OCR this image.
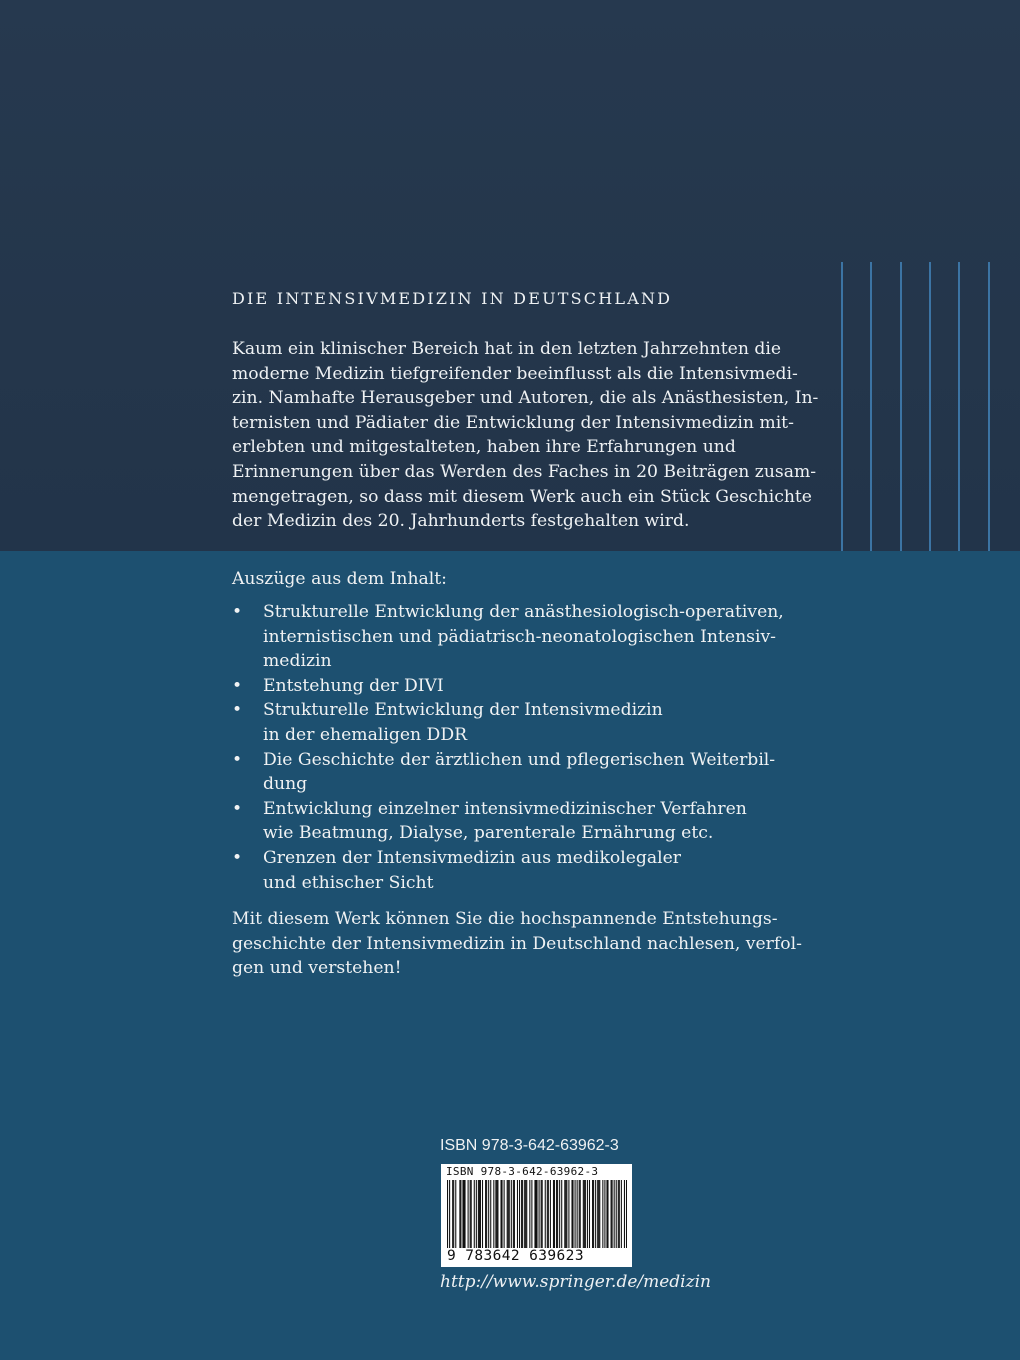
DIE INTENSIVMEDIZIN IN DEUTSCHLAND
Kaum ein klinischer Bereich hat in den letzten Jahrzehnten die
moderne Medizin tiefgreifender beeinflusst als die Intensivmedi-
zin. Namhafte Herausgeber und Autoren, die als Anästhesisten, In-
ternisten und Pädiater die Entwicklung der Intensivmedizin mit-
erlebten und mitgestalteten, haben ihre Erfahrungen und
Erinnerungen über das Werden des Faches in 20 Beiträgen zusam-
mengetragen, so dass mit diesem Werk auch ein Stück Geschichte
der Medizin des 20. Jahrhunderts festgehalten wird.
Auszüge aus dem Inhalt:
• Strukturelle Entwicklung der anästhesiologisch-operativen,
internistischen und pädiatrisch-neonatologischen Intensiv-
medizin
• Entstehung der DIVI
• Strukturelle Entwicklung der Intensivmedizin
in der ehemaligen DDR
• Die Geschichte der ärztlichen und pflegerischen Weiterbil-
dung
• Entwicklung einzelner intensivmedizinischer Verfahren
wie Beatmung, Dialyse, parenterale Ernährung etc.
• Grenzen der Intensivmedizin aus medikolegaler
und ethischer Sicht
Mit diesem Werk können Sie die hochspannende Entstehungs-
geschichte der Intensivmedizin in Deutschland nachlesen, verfol-
gen und verstehen!
ISBN 978-3-642-63962-3
ISBN 978-3-642-63962-3
9 783642 639623
http://www.springer.de/medizin
